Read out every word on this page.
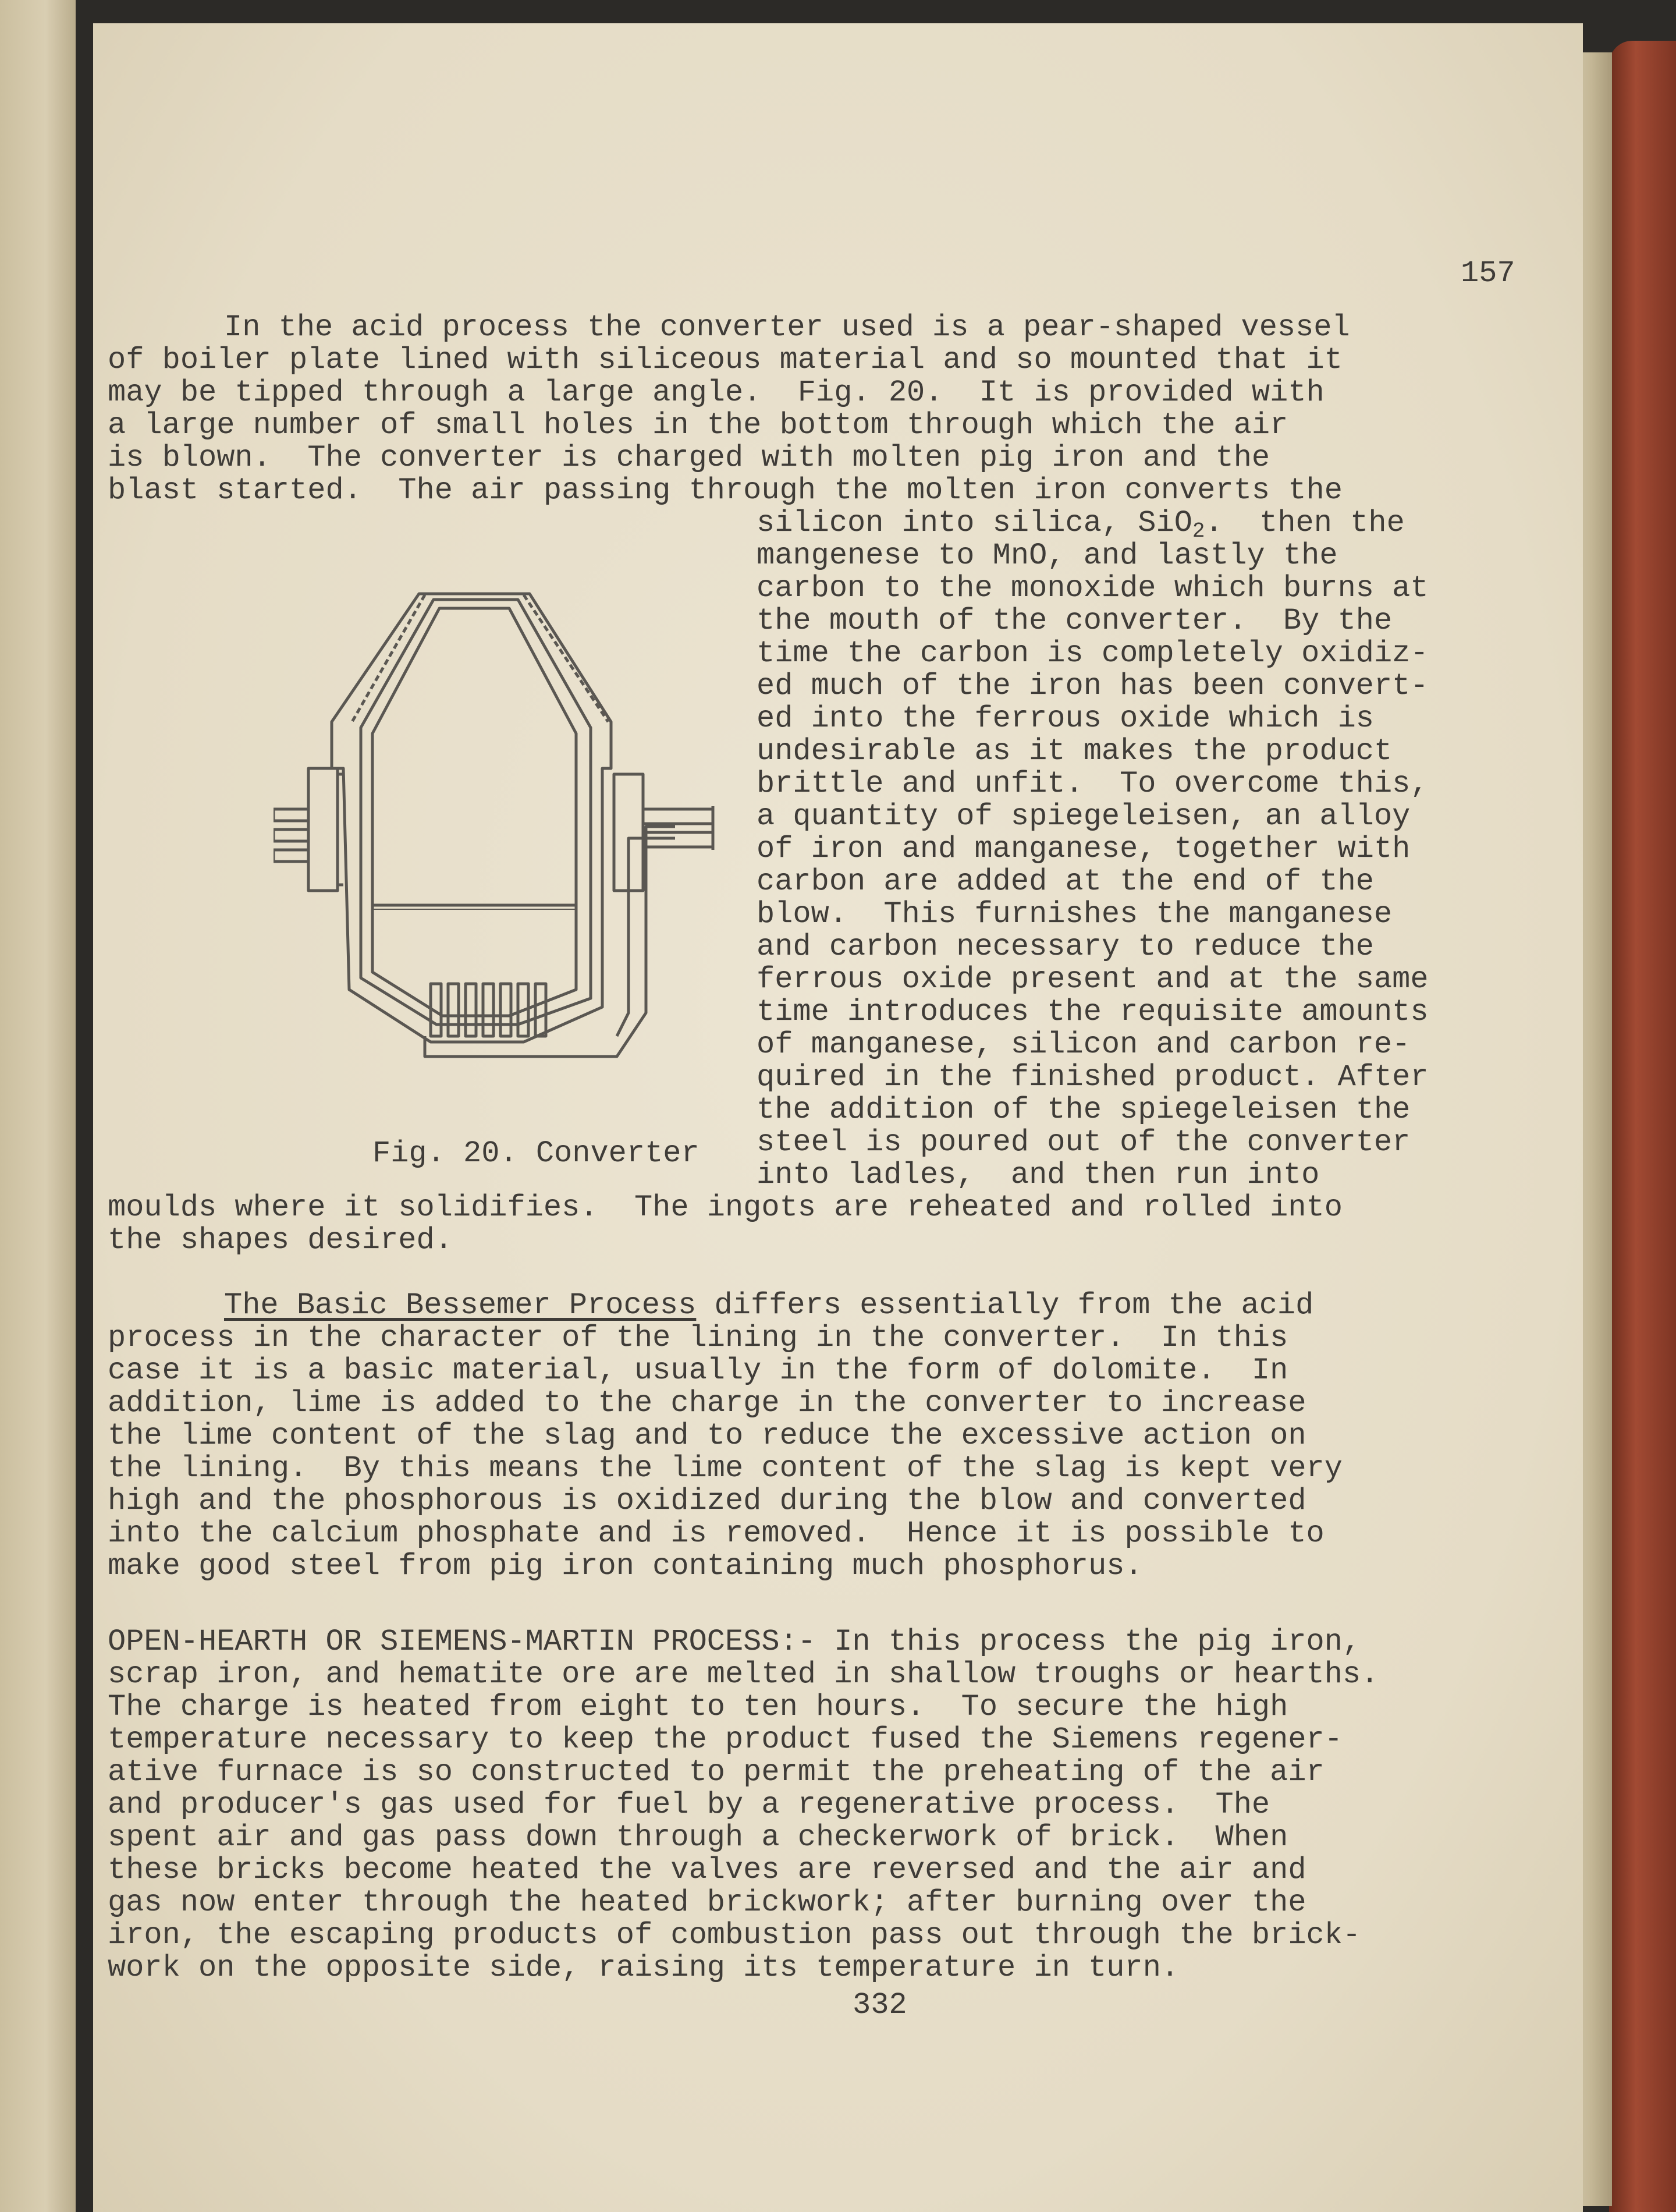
157
In the acid process the converter used is a pear-shaped vessel
of boiler plate lined with siliceous material and so mounted that it
may be tipped through a large angle.  Fig. 20.  It is provided with
a large number of small holes in the bottom through which the air
is blown.  The converter is charged with molten pig iron and the
blast started.  The air passing through the molten iron converts the
silicon into silica, SiO$_2$.  then the
mangenese to MnO, and lastly the
carbon to the monoxide which burns at
the mouth of the converter.  By the
time the carbon is completely oxidiz-
ed much of the iron has been convert-
ed into the ferrous oxide which is
undesirable as it makes the product
brittle and unfit.  To overcome this,
a quantity of spiegeleisen, an alloy
of iron and manganese, together with
carbon are added at the end of the
blow.  This furnishes the manganese
and carbon necessary to reduce the
ferrous oxide present and at the same
time introduces the requisite amounts
of manganese, silicon and carbon re-
quired in the finished product. After
the addition of the spiegeleisen the
steel is poured out of the converter
into ladles,  and then run into
moulds where it solidifies.  The ingots are reheated and rolled into
the shapes desired.
Fig. 20. Converter
The Basic Bessemer Process differs essentially from the acid
process in the character of the lining in the converter.  In this
case it is a basic material, usually in the form of dolomite.  In
addition, lime is added to the charge in the converter to increase
the lime content of the slag and to reduce the excessive action on
the lining.  By this means the lime content of the slag is kept very
high and the phosphorous is oxidized during the blow and converted
into the calcium phosphate and is removed.  Hence it is possible to
make good steel from pig iron containing much phosphorus.
OPEN-HEARTH OR SIEMENS-MARTIN PROCESS:- In this process the pig iron,
scrap iron, and hematite ore are melted in shallow troughs or hearths.
The charge is heated from eight to ten hours.  To secure the high
temperature necessary to keep the product fused the Siemens regener-
ative furnace is so constructed to permit the preheating of the air
and producer's gas used for fuel by a regenerative process.  The
spent air and gas pass down through a checkerwork of brick.  When
these bricks become heated the valves are reversed and the air and
gas now enter through the heated brickwork; after burning over the
iron, the escaping products of combustion pass out through the brick-
work on the opposite side, raising its temperature in turn.
332
